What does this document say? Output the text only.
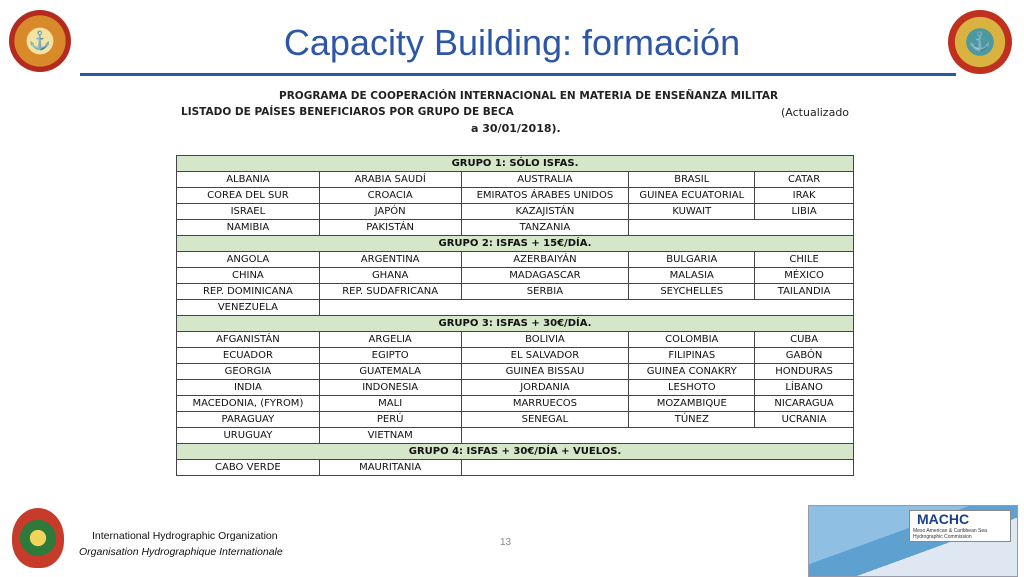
⚓	⚓
Capacity Building: formación
PROGRAMA DE COOPERACIÓN INTERNACIONAL EN MATERIA DE ENSEÑANZA MILITAR
LISTADO DE PAÍSES BENEFICIAROS POR GRUPO DE BECA	(Actualizado
a 30/01/2018).
GRUPO 1: SÓLO ISFAS.				
ALBANIA	ARABIA SAUDÍ	AUSTRALIA	BRASIL	CATAR
COREA DEL SUR	CROACIA	EMIRATOS ÁRABES UNIDOS	GUINEA ECUATORIAL	IRAK
ISRAEL	JAPÓN	KAZAJISTÁN	KUWAIT	LIBIA
NAMIBIA	PAKISTÁN	TANZANIA		
GRUPO 2: ISFAS + 15€/DÍA.				
ANGOLA	ARGENTINA	AZERBAIYÁN	BULGARIA	CHILE
CHINA	GHANA	MADAGASCAR	MALASIA	MÉXICO
REP. DOMINICANA	REP. SUDAFRICANA	SERBIA	SEYCHELLES	TAILANDIA
VENEZUELA				
GRUPO 3: ISFAS + 30€/DÍA.				
AFGANISTÁN	ARGELIA	BOLIVIA	COLOMBIA	CUBA
ECUADOR	EGIPTO	EL SALVADOR	FILIPINAS	GABÓN
GEORGIA	GUATEMALA	GUINEA BISSAU	GUINEA CONAKRY	HONDURAS
INDIA	INDONESIA	JORDANIA	LESHOTO	LÍBANO
MACEDONIA, (FYROM)	MALI	MARRUECOS	MOZAMBIQUE	NICARAGUA
PARAGUAY	PERÚ	SENEGAL	TÚNEZ	UCRANIA
URUGUAY	VIETNAM			
GRUPO 4: ISFAS + 30€/DÍA + VUELOS.				
CABO VERDE	MAURITANIA			
International Hydrographic Organization
Organisation Hydrographique Internationale
13
MACHC
Meso American & Caribbean Sea Hydrographic Commission
